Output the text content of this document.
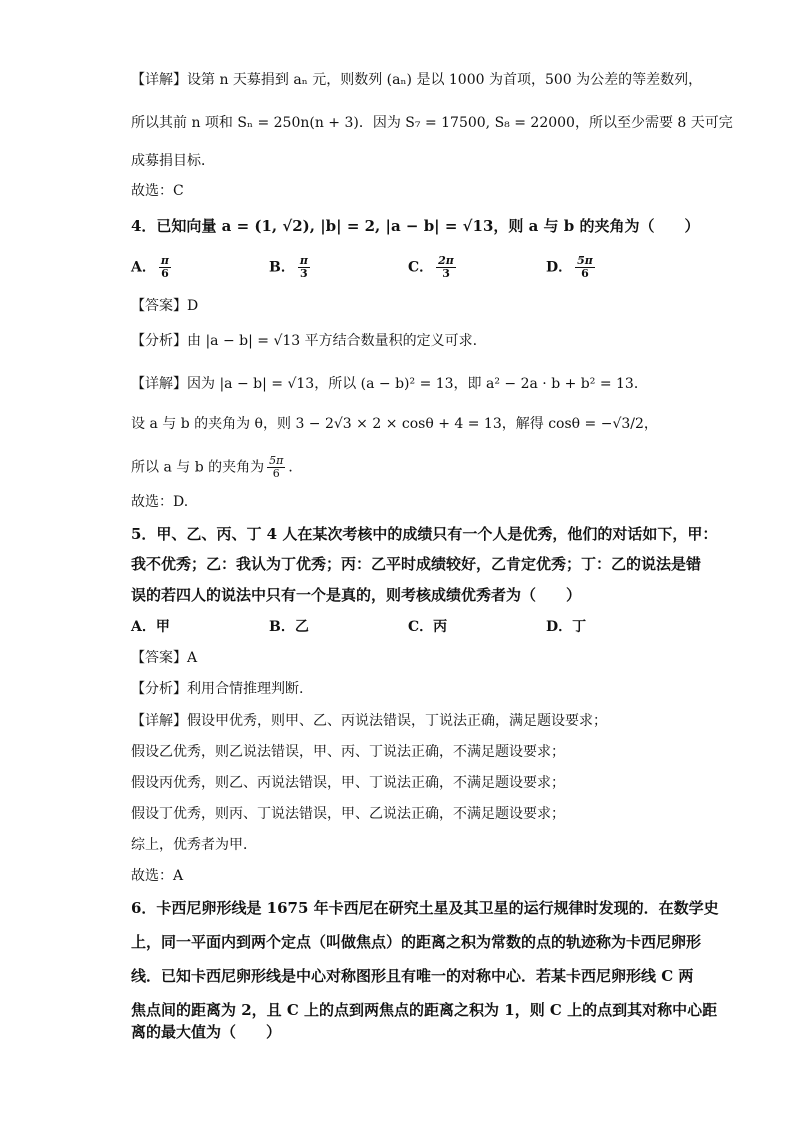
【详解】设第 n 天募捐到 aₙ 元，则数列 (aₙ) 是以 1000 为首项，500 为公差的等差数列，
所以其前 n 项和 Sₙ = 250n(n + 3)．因为 S₇ = 17500, S₈ = 22000，所以至少需要 8 天可完
成募捐目标．
故选：C
4．已知向量 a = (1, √2), |b| = 2, |a − b| = √13，则 a 与 b 的夹角为（　　）
A． $\frac{\pi}{6}$	B． $\frac{\pi}{3}$	C． $\frac{2\pi}{3}$	D． $\frac{5\pi}{6}$
【答案】D
【分析】由 |a − b| = √13 平方结合数量积的定义可求.
【详解】因为 |a − b| = √13，所以 (a − b)² = 13，即 a² − 2a · b + b² = 13．
设 a 与 b 的夹角为 θ，则 3 − 2√3 × 2 × cosθ + 4 = 13，解得 cosθ = −√3/2，
所以 a 与 b 的夹角为 $\frac{5\pi}{6}$ ．
故选：D.
5．甲、乙、丙、丁 4 人在某次考核中的成绩只有一个人是优秀，他们的对话如下，甲：
我不优秀；乙：我认为丁优秀；丙：乙平时成绩较好，乙肯定优秀；丁：乙的说法是错
误的若四人的说法中只有一个是真的，则考核成绩优秀者为（　　）
A．甲	B．乙	C．丙	D．丁
【答案】A
【分析】利用合情推理判断.
【详解】假设甲优秀，则甲、乙、丙说法错误，丁说法正确，满足题设要求；
假设乙优秀，则乙说法错误，甲、丙、丁说法正确，不满足题设要求；
假设丙优秀，则乙、丙说法错误，甲、丁说法正确，不满足题设要求；
假设丁优秀，则丙、丁说法错误，甲、乙说法正确，不满足题设要求；
综上，优秀者为甲．
故选：A
6．卡西尼卵形线是 1675 年卡西尼在研究土星及其卫星的运行规律时发现的．在数学史
上，同一平面内到两个定点（叫做焦点）的距离之积为常数的点的轨迹称为卡西尼卵形
线．已知卡西尼卵形线是中心对称图形且有唯一的对称中心．若某卡西尼卵形线 C 两
焦点间的距离为 2，且 C 上的点到两焦点的距离之积为 1，则 C 上的点到其对称中心距
离的最大值为（　　）
